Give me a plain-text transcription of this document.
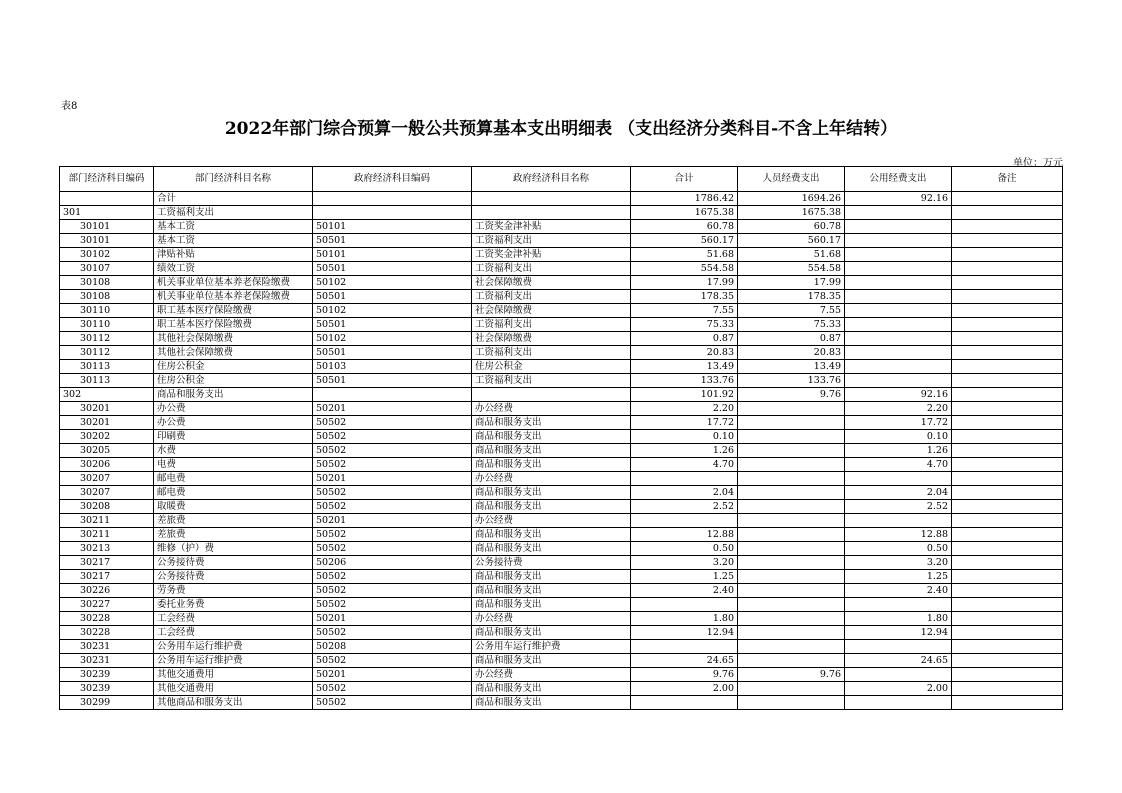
表8
2022年部门综合预算一般公共预算基本支出明细表 （支出经济分类科目-不含上年结转）
单位：万元
部门经济科目编码	部门经济科目名称	政府经济科目编码	政府经济科目名称	合计	人员经费支出	公用经费支出	备注
	合计			1786.42	1694.26	92.16	
301	工资福利支出			1675.38	1675.38		
30101	基本工资	50101	工资奖金津补贴	60.78	60.78		
30101	基本工资	50501	工资福利支出	560.17	560.17		
30102	津贴补贴	50101	工资奖金津补贴	51.68	51.68		
30107	绩效工资	50501	工资福利支出	554.58	554.58		
30108	机关事业单位基本养老保险缴费	50102	社会保障缴费	17.99	17.99		
30108	机关事业单位基本养老保险缴费	50501	工资福利支出	178.35	178.35		
30110	职工基本医疗保险缴费	50102	社会保障缴费	7.55	7.55		
30110	职工基本医疗保险缴费	50501	工资福利支出	75.33	75.33		
30112	其他社会保障缴费	50102	社会保障缴费	0.87	0.87		
30112	其他社会保障缴费	50501	工资福利支出	20.83	20.83		
30113	住房公积金	50103	住房公积金	13.49	13.49		
30113	住房公积金	50501	工资福利支出	133.76	133.76		
302	商品和服务支出			101.92	9.76	92.16	
30201	办公费	50201	办公经费	2.20		2.20	
30201	办公费	50502	商品和服务支出	17.72		17.72	
30202	印刷费	50502	商品和服务支出	0.10		0.10	
30205	水费	50502	商品和服务支出	1.26		1.26	
30206	电费	50502	商品和服务支出	4.70		4.70	
30207	邮电费	50201	办公经费				
30207	邮电费	50502	商品和服务支出	2.04		2.04	
30208	取暖费	50502	商品和服务支出	2.52		2.52	
30211	差旅费	50201	办公经费				
30211	差旅费	50502	商品和服务支出	12.88		12.88	
30213	维修（护）费	50502	商品和服务支出	0.50		0.50	
30217	公务接待费	50206	公务接待费	3.20		3.20	
30217	公务接待费	50502	商品和服务支出	1.25		1.25	
30226	劳务费	50502	商品和服务支出	2.40		2.40	
30227	委托业务费	50502	商品和服务支出				
30228	工会经费	50201	办公经费	1.80		1.80	
30228	工会经费	50502	商品和服务支出	12.94		12.94	
30231	公务用车运行维护费	50208	公务用车运行维护费				
30231	公务用车运行维护费	50502	商品和服务支出	24.65		24.65	
30239	其他交通费用	50201	办公经费	9.76	9.76		
30239	其他交通费用	50502	商品和服务支出	2.00		2.00	
30299	其他商品和服务支出	50502	商品和服务支出				
